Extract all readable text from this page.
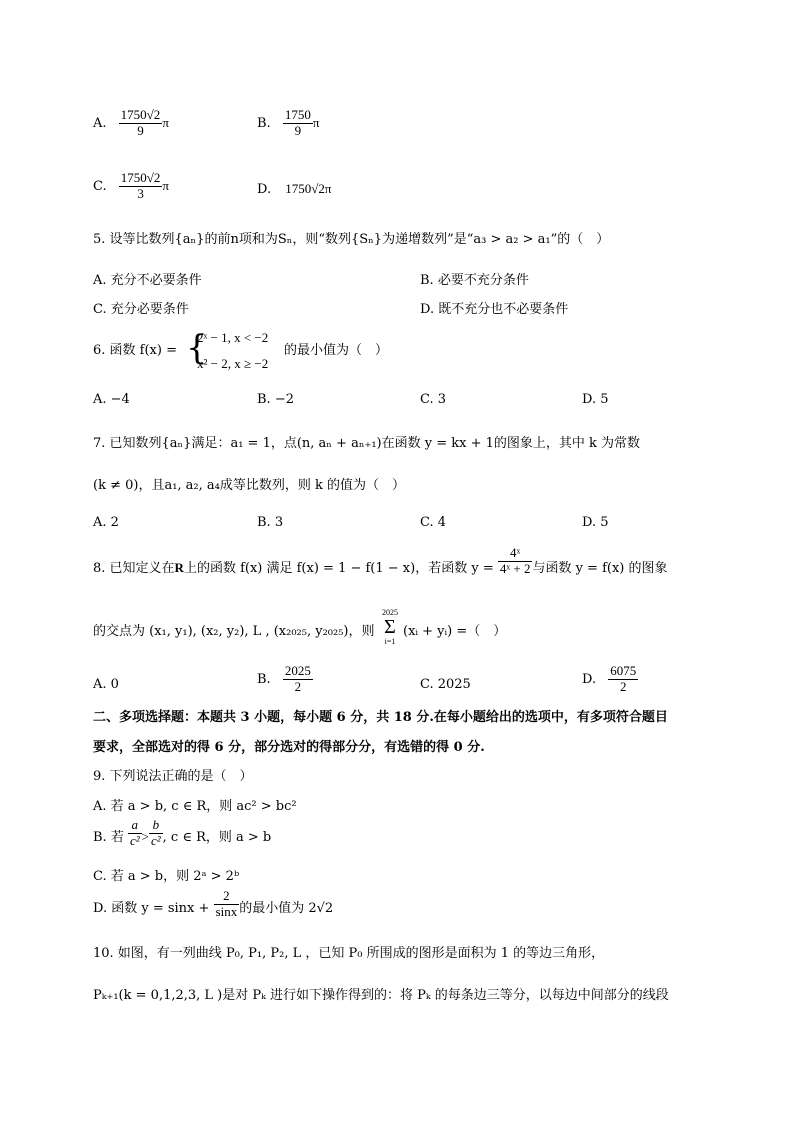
A. $\frac{1750√2}{9}$ π	B. $\frac{1750}{9}$ π
C. $\frac{1750√2}{3}$ π	D. 1750√2π
5. 设等比数列{aₙ}的前n项和为Sₙ，则“数列{Sₙ}为递增数列”是“a₃ > a₂ > a₁”的（　）
A. 充分不必要条件	B. 必要不充分条件
C. 充分必要条件	D. 既不充分也不必要条件
6. 函数 f(x) = {
2ˣ − 1, x < −2
x² − 2, x ≥ −2
的最小值为（　）
A. −4	B. −2	C. 3	D. 5
7. 已知数列{aₙ}满足：a₁ = 1，点(n, aₙ + aₙ₊₁)在函数 y = kx + 1的图象上，其中 k 为常数
(k ≠ 0)，且a₁, a₂, a₄成等比数列，则 k 的值为（　）
A. 2	B. 3	C. 4	D. 5
8. 已知定义在R上的函数 f(x) 满足 f(x) = 1 − f(1 − x)，若函数 $y = \frac{\text{4ˣ}}{\text{4ˣ + 2}}$ 与函数 y = f(x) 的图象
的交点为 (x₁, y₁), (x₂, y₂), L , (x₂₀₂₅, y₂₀₂₅)，则
2025
Σ
i=1
(xᵢ + yᵢ) =（　）
A. 0	B. $\frac{2025}{2}$	C. 2025	D. $\frac{6075}{2}$
二、多项选择题：本题共 3 小题，每小题 6 分，共 18 分.在每小题给出的选项中，有多项符合题目
要求，全部选对的得 6 分，部分选对的得部分分，有选错的得 0 分.
9. 下列说法正确的是（　）
A. 若 a > b, c ∈ R，则 ac² > bc²
B. 若 $\frac{a}{\text{c²}} > \frac{b}{\text{c²}}$ , c ∈ R，则 a > b
C. 若 a > b，则 2ᵃ > 2ᵇ
D. 函数 $y = \sin x + \frac{2}{\sin x}$ 的最小值为 2√2
10. 如图，有一列曲线 P₀, P₁, P₂, L ，已知 P₀ 所围成的图形是面积为 1 的等边三角形，
Pₖ₊₁(k = 0,1,2,3, L )是对 Pₖ 进行如下操作得到的：将 Pₖ 的每条边三等分，以每边中间部分的线段
